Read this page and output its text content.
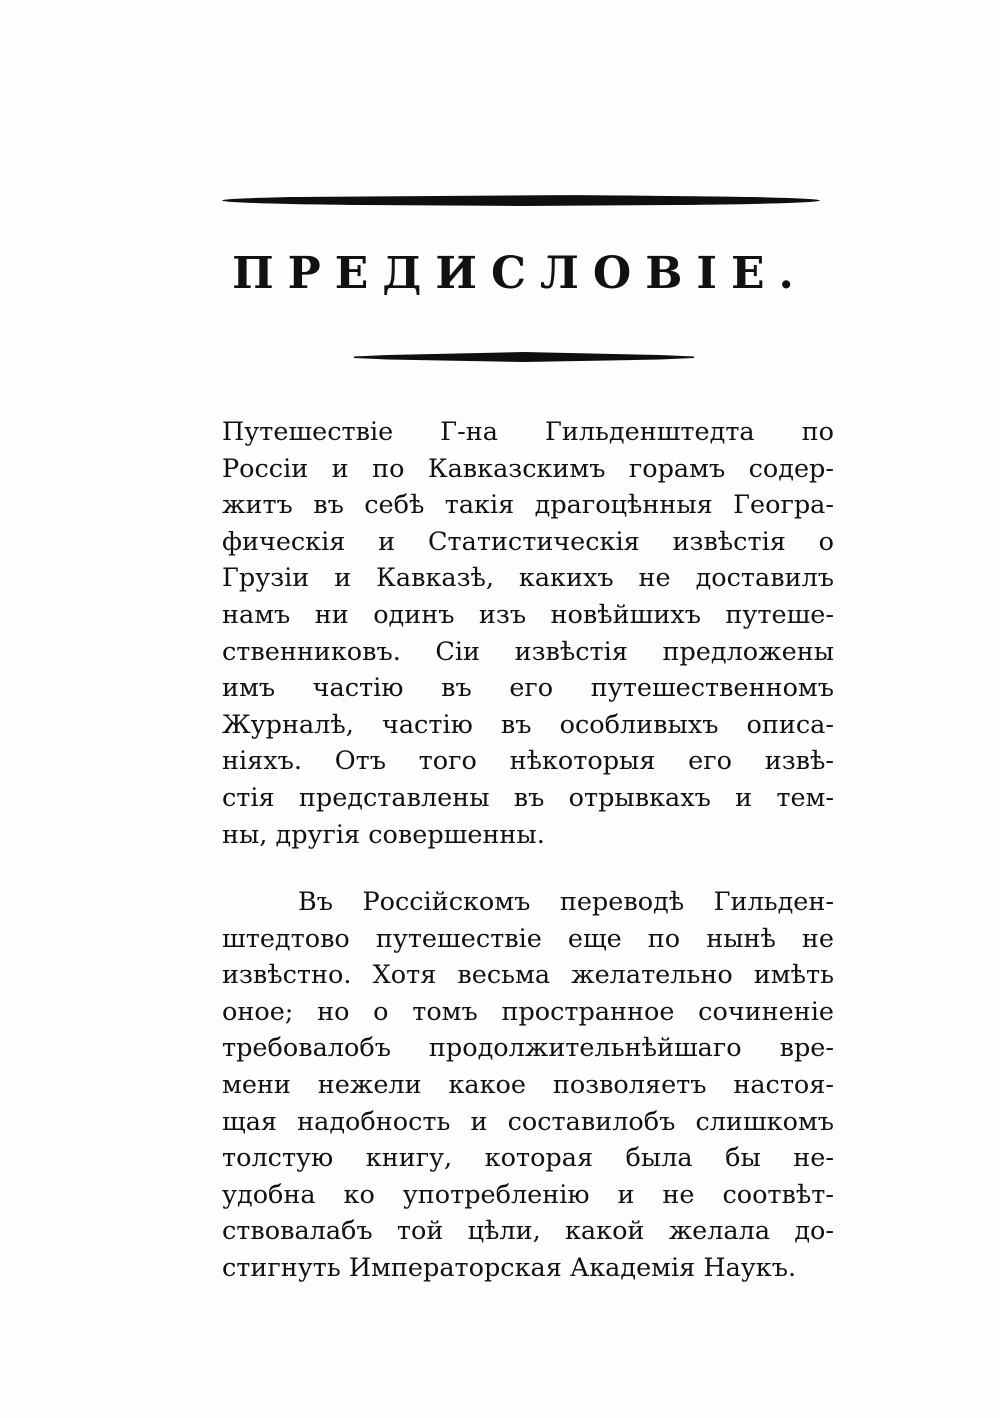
ПРЕДИСЛОВІЕ.
Путешествіе Г-на Гильденштедта по
Россіи и по Кавказскимъ горамъ содер-
житъ въ себѣ такія драгоцѣнныя Геогра-
фическія и Статистическія извѣстія о
Грузіи и Кавказѣ, какихъ не доставилъ
намъ ни одинъ изъ новѣйшихъ путеше-
ственниковъ. Сіи извѣстія предложены
имъ частію въ его путешественномъ
Журналѣ, частію въ особливыхъ описа-
ніяхъ. Отъ того нѣкоторыя его извѣ-
стія представлены въ отрывкахъ и тем-
ны, другія совершенны.
Въ Россійскомъ переводѣ Гильден-
штедтово путешествіе еще по нынѣ не
извѣстно. Хотя весьма желательно имѣть
оное; но о томъ пространное сочиненіе
требовалобъ продолжительнѣйшаго вре-
мени нежели какое позволяетъ настоя-
щая надобность и составилобъ слишкомъ
толстую книгу, которая была бы не-
удобна ко употребленію и не соотвѣт-
ствовалабъ той цѣли, какой желала до-
стигнуть Императорская Академія Наукъ.
